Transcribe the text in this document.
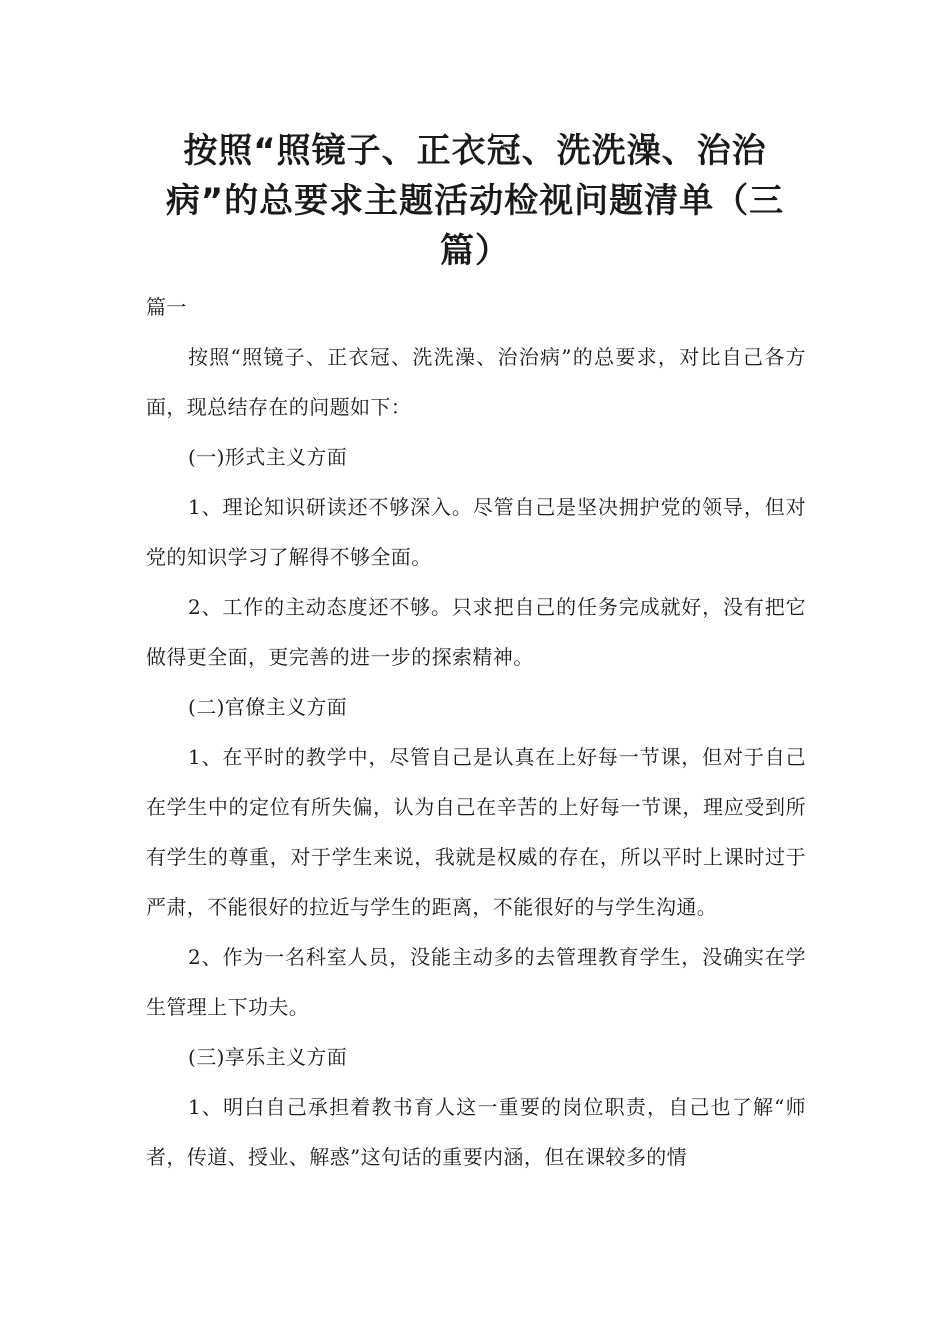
按照“照镜子、正衣冠、洗洗澡、治治
病”的总要求主题活动检视问题清单（三
篇）

篇一

按照“照镜子、正衣冠、洗洗澡、治治病”的总要求，对比自己各方面，现总结存在的问题如下：

(一)形式主义方面

1、理论知识研读还不够深入。尽管自己是坚决拥护党的领导，但对党的知识学习了解得不够全面。

2、工作的主动态度还不够。只求把自己的任务完成就好，没有把它做得更全面，更完善的进一步的探索精神。

(二)官僚主义方面

1、在平时的教学中，尽管自己是认真在上好每一节课，但对于自己在学生中的定位有所失偏，认为自己在辛苦的上好每一节课，理应受到所有学生的尊重，对于学生来说，我就是权威的存在，所以平时上课时过于严肃，不能很好的拉近与学生的距离，不能很好的与学生沟通。

2、作为一名科室人员，没能主动多的去管理教育学生，没确实在学生管理上下功夫。

(三)享乐主义方面

1、明白自己承担着教书育人这一重要的岗位职责，自己也了解“师者，传道、授业、解惑”这句话的重要内涵，但在课较多的情
